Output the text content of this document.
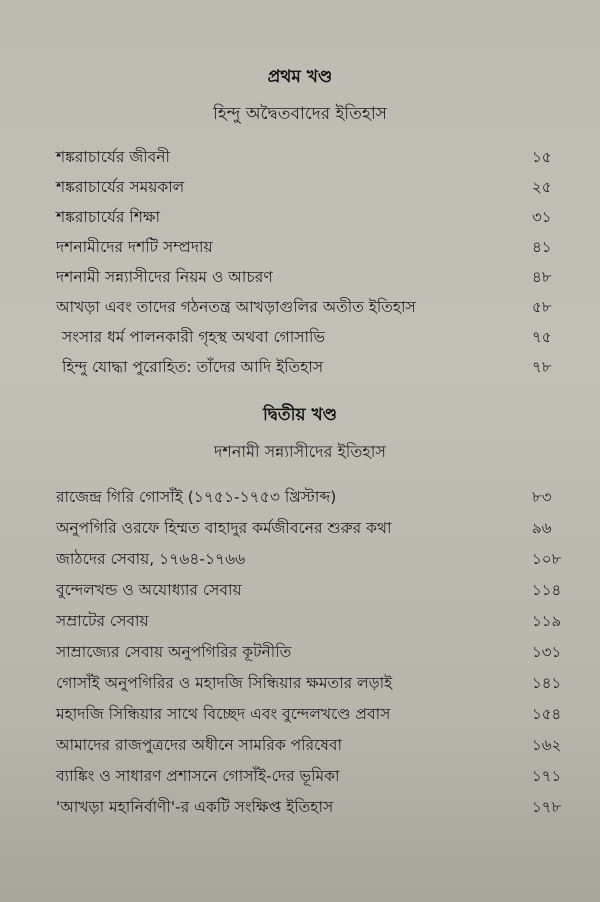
প্রথম খণ্ড
হিন্দু অদ্বৈতবাদের ইতিহাস
শঙ্করাচার্যের জীবনী	১৫
শঙ্করাচার্যের সময়কাল	২৫
শঙ্করাচার্যের শিক্ষা	৩১
দশনামীদের দশটি সম্প্রদায়	৪১
দশনামী সন্ন্যাসীদের নিয়ম ও আচরণ	৪৮
আখড়া এবং তাদের গঠনতন্ত্র আখড়াগুলির অতীত ইতিহাস	৫৮
সংসার ধর্ম পালনকারী গৃহস্থ অথবা গোসাভি	৭৫
হিন্দু যোদ্ধা পুরোহিত: তাঁদের আদি ইতিহাস	৭৮
দ্বিতীয় খণ্ড
দশনামী সন্ন্যাসীদের ইতিহাস
রাজেন্দ্র গিরি গোসাঁই (১৭৫১-১৭৫৩ খ্রিস্টাব্দ)	৮৩
অনুপগিরি ওরফে হিম্মত বাহাদুর কর্মজীবনের শুরুর কথা	৯৬
জাঠদের সেবায়, ১৭৬৪-১৭৬৬	১০৮
বুন্দেলখন্ড ও অযোধ্যার সেবায়	১১৪
সম্রাটের সেবায়	১১৯
সাম্রাজ্যের সেবায় অনুপগিরির কূটনীতি	১৩১
গোসাঁই অনুপগিরির ও মহাদজি সিন্ধিয়ার ক্ষমতার লড়াই	১৪১
মহাদজি সিন্ধিয়ার সাথে বিচ্ছেদ এবং বুন্দেলখণ্ডে প্রবাস	১৫৪
আমাদের রাজপুত্রদের অধীনে সামরিক পরিষেবা	১৬২
ব্যাঙ্কিং ও সাধারণ প্রশাসনে গোসাঁই-দের ভূমিকা	১৭১
'আখড়া মহানির্বাণী'-র একটি সংক্ষিপ্ত ইতিহাস	১৭৮
